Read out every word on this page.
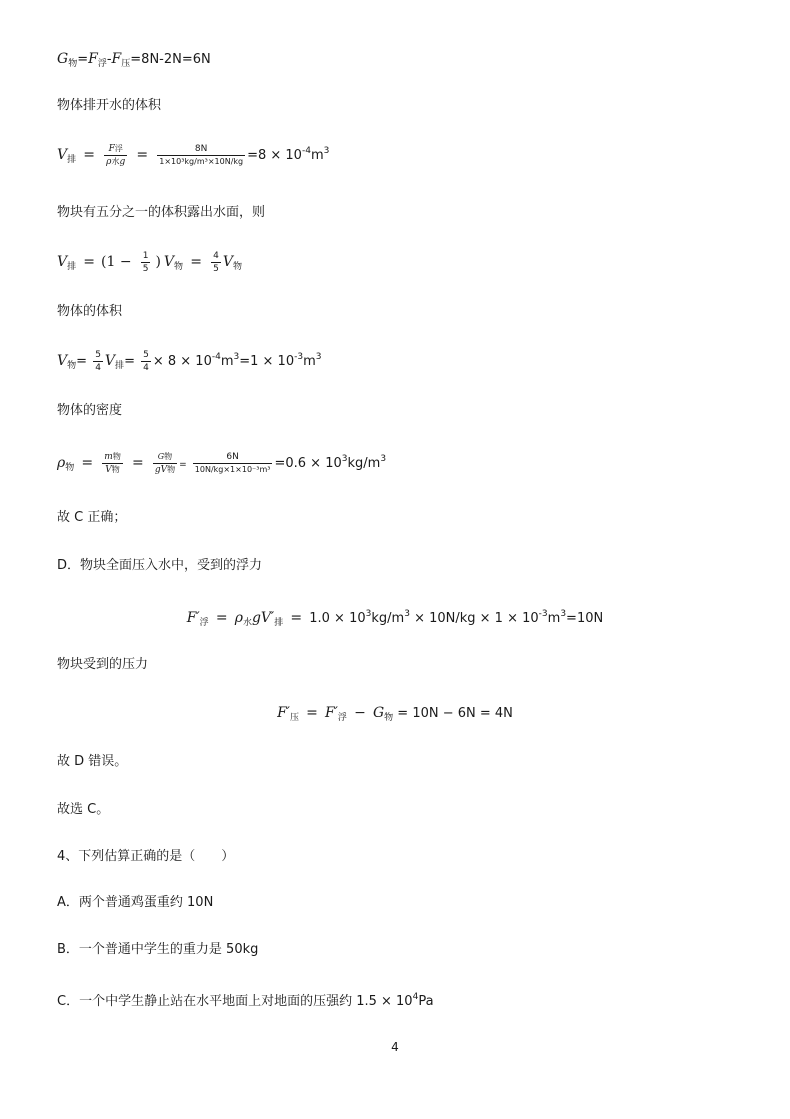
$G_物=F_浮-F_压=8N-2N=6N$
物体排开水的体积
$V_排 = \frac{\text{F浮}}{\text{ρ水g}} = \frac{8N}{\text{1×10³kg/m³×10N/kg}} =8 \times 10^{-4}m^3$
物块有五分之一的体积露出水面，则
$V_排 = (1 - \frac{1}{5}$ ) $V_物 = \frac{4}{5} V_物$
物体的体积
$V_物= \frac{5}{4} V_排= \frac{5}{4} \times 8 \times 10^{-4}m^3=1 \times 10^{-3}m^3$
物体的密度
$\rho_物 = \frac{\text{m物}}{\text{V物}} = \frac{\text{G物}}{\text{gV物}} = \frac{6N}{\text{10N/kg×1×10⁻³m³}} =0.6 \times 10^3kg/m^3$
故 C 正确；
D．物块全面压入水中，受到的浮力
$F'_浮 = \rho_水gV'_排 = 1.0 \times 10^3kg/m^3 \times 10N/kg \times 1 \times 10^{-3}m^3=10N$
物块受到的压力
$F'_压 = F'_浮 - G_物 = 10N - 6N = 4N$
故 D 错误。
故选 C。
4、下列估算正确的是（　　）
A．两个普通鸡蛋重约 10N
B．一个普通中学生的重力是 50kg
C．一个中学生静止站在水平地面上对地面的压强约 $1.5 \times 10^4Pa$
4
